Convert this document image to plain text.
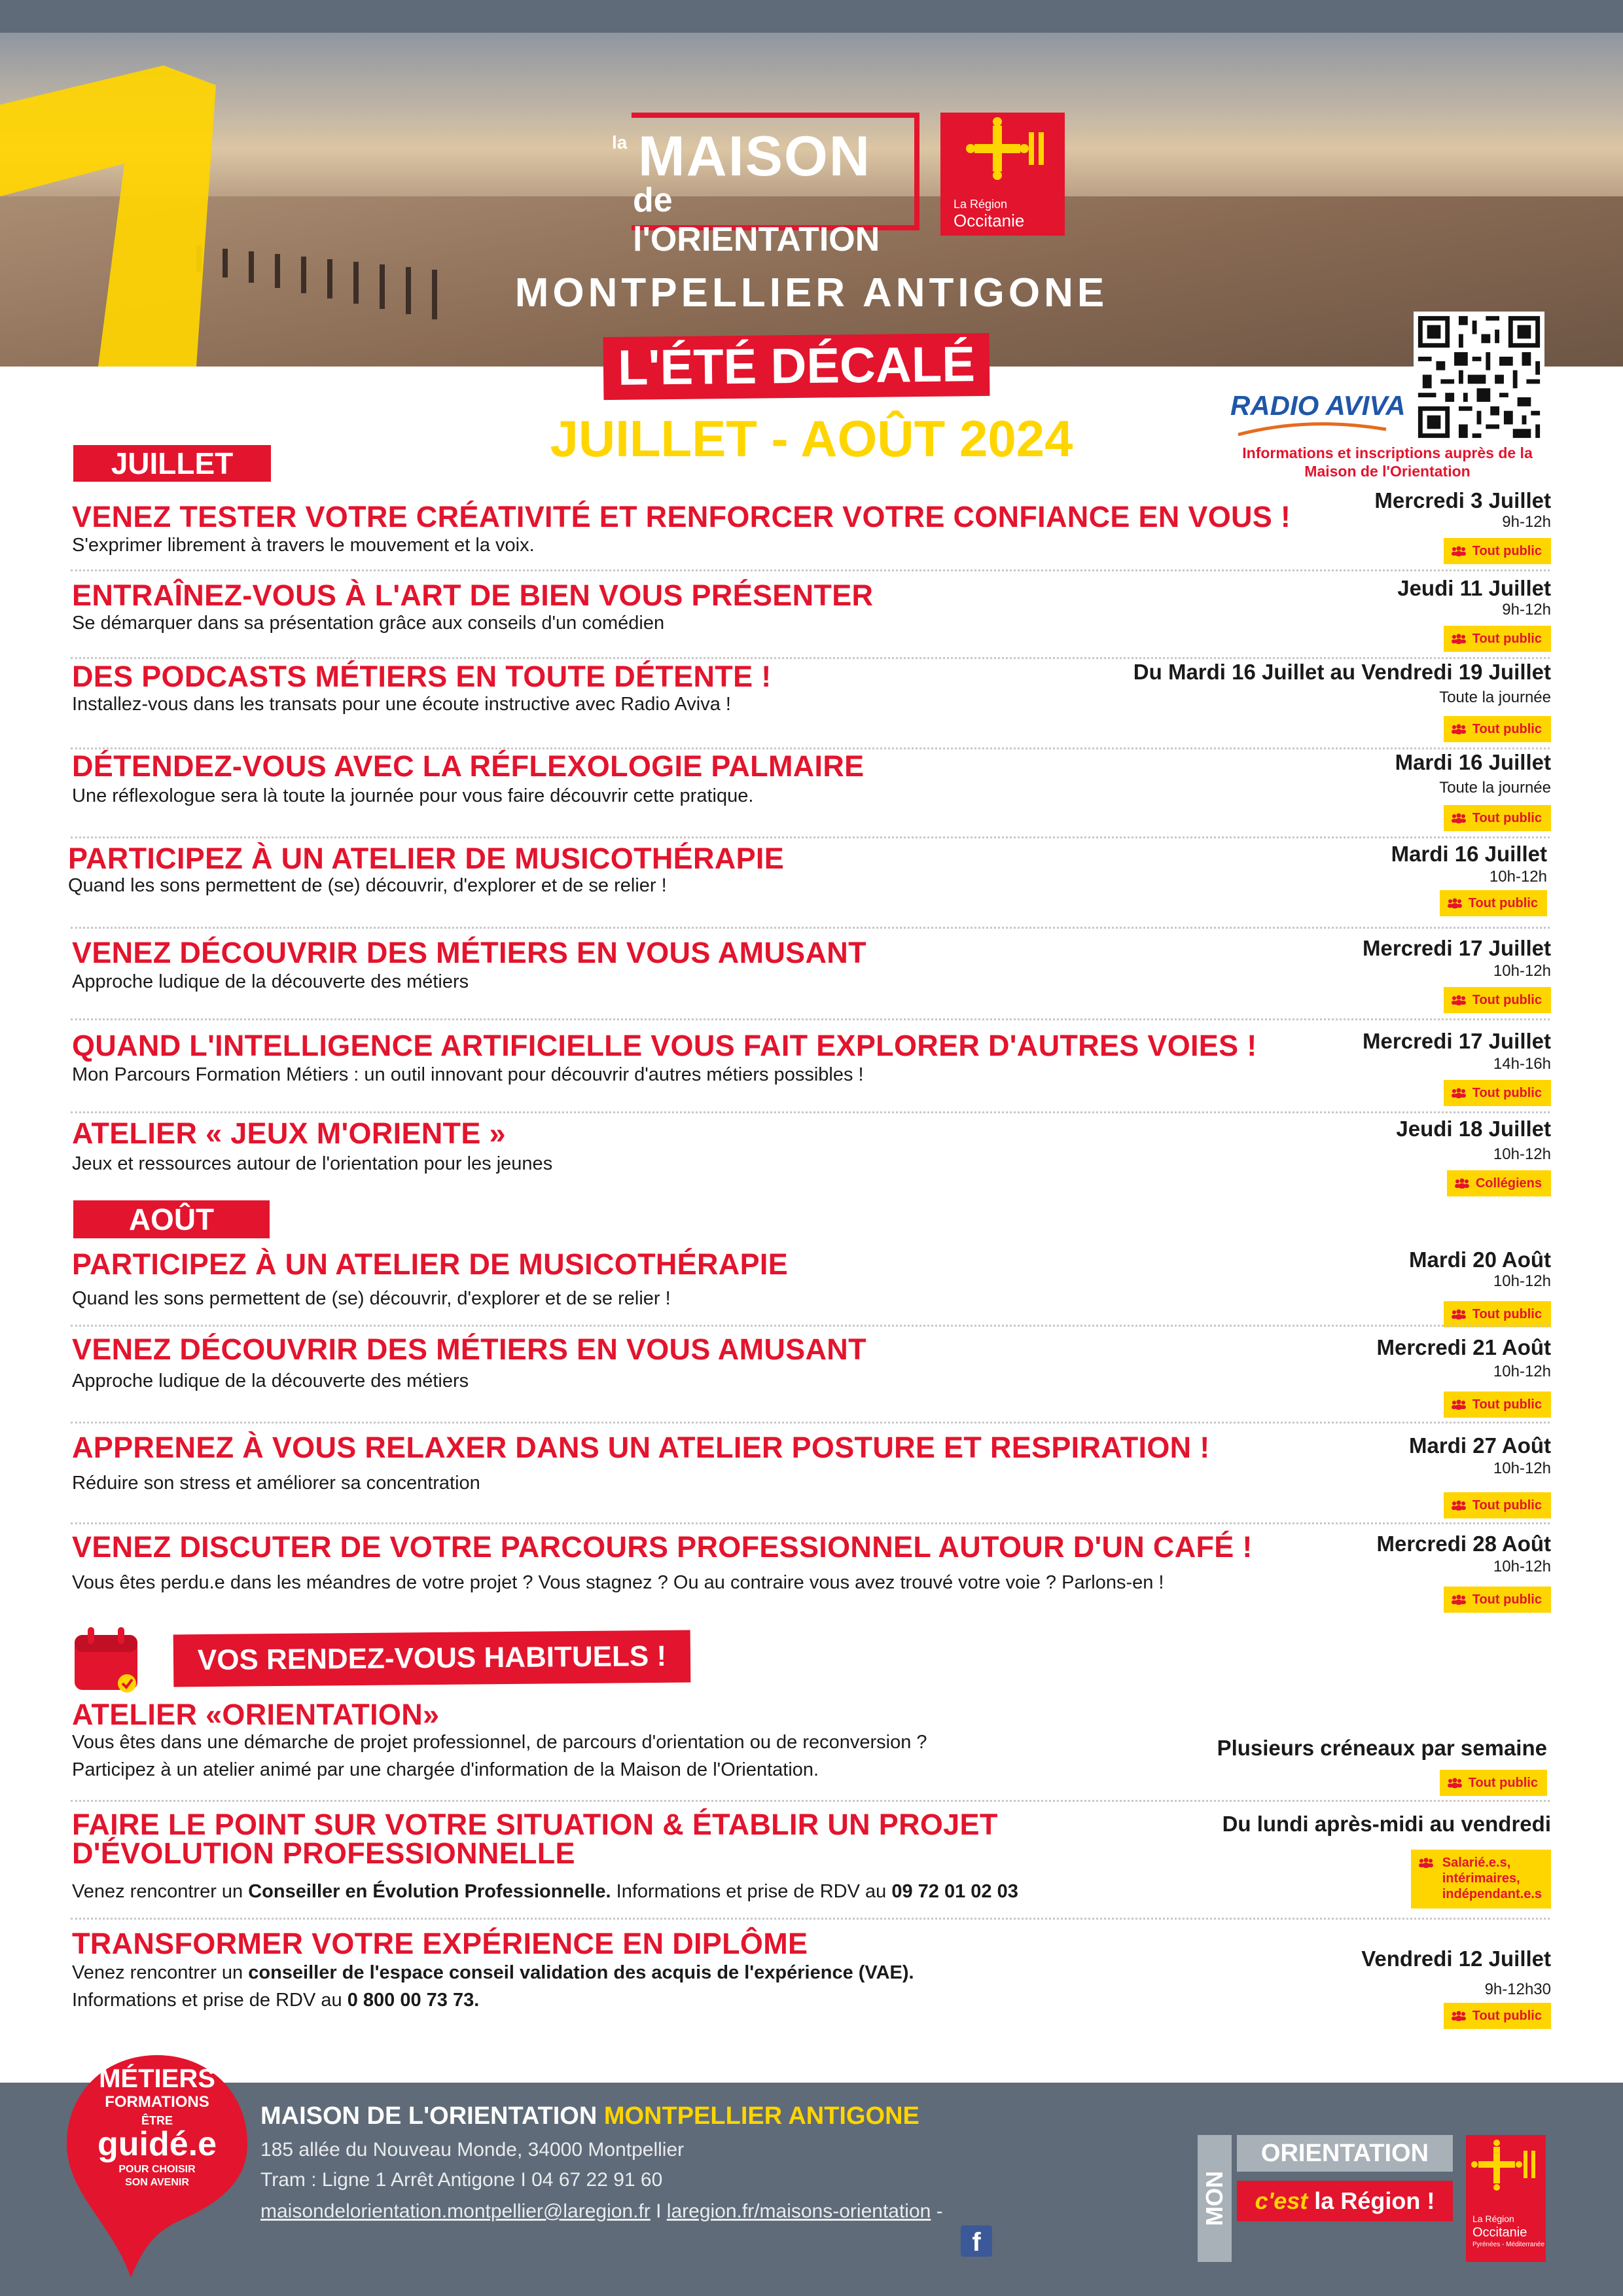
la MAISON
de l'ORIENTATION
La Région
Occitanie
MONTPELLIER ANTIGONE
L'ÉTÉ DÉCALÉ
JUILLET - AOÛT 2024
RADIO AVIVA
Informations et inscriptions auprès de la Maison de l'Orientation
JUILLET
VENEZ TESTER VOTRE CRÉATIVITÉ ET RENFORCER VOTRE CONFIANCE EN VOUS !
S'exprimer librement à travers le mouvement et la voix.
Mercredi 3 Juillet
9h-12h
Tout public
ENTRAÎNEZ-VOUS À L'ART DE BIEN VOUS PRÉSENTER
Se démarquer dans sa présentation grâce aux conseils d'un comédien
Jeudi 11 Juillet
9h-12h
Tout public
DES PODCASTS MÉTIERS EN TOUTE DÉTENTE !
Installez-vous dans les transats pour une écoute instructive avec Radio Aviva !
Du Mardi 16 Juillet au Vendredi 19 Juillet
Toute la journée
Tout public
DÉTENDEZ-VOUS AVEC LA RÉFLEXOLOGIE PALMAIRE
Une réflexologue sera là toute la journée pour vous faire découvrir cette pratique.
Mardi 16 Juillet
Toute la journée
Tout public
PARTICIPEZ À UN ATELIER DE MUSICOTHÉRAPIE
Quand les sons permettent de (se) découvrir, d'explorer et de se relier !
Mardi 16 Juillet
10h-12h
Tout public
VENEZ DÉCOUVRIR DES MÉTIERS EN VOUS AMUSANT
Approche ludique de la découverte des métiers
Mercredi 17 Juillet
10h-12h
Tout public
QUAND L'INTELLIGENCE ARTIFICIELLE VOUS FAIT EXPLORER D'AUTRES VOIES !
Mon Parcours Formation Métiers : un outil innovant pour découvrir d'autres métiers possibles !
Mercredi 17 Juillet
14h-16h
Tout public
ATELIER « JEUX M'ORIENTE »
Jeux et ressources autour de l'orientation pour les jeunes
Jeudi 18 Juillet
10h-12h
Collégiens
AOÛT
PARTICIPEZ À UN ATELIER DE MUSICOTHÉRAPIE
Quand les sons permettent de (se) découvrir, d'explorer et de se relier !
Mardi 20 Août
10h-12h
Tout public
VENEZ DÉCOUVRIR DES MÉTIERS EN VOUS AMUSANT
Approche ludique de la découverte des métiers
Mercredi 21 Août
10h-12h
Tout public
APPRENEZ À VOUS RELAXER DANS UN ATELIER POSTURE ET RESPIRATION !
Réduire son stress et améliorer sa concentration
Mardi 27 Août
10h-12h
Tout public
VENEZ DISCUTER DE VOTRE PARCOURS PROFESSIONNEL AUTOUR D'UN CAFÉ !
Vous êtes perdu.e dans les méandres de votre projet ? Vous stagnez ? Ou au contraire vous avez trouvé votre voie ? Parlons-en !
Mercredi 28 Août
10h-12h
Tout public
VOS RENDEZ-VOUS HABITUELS !
ATELIER «ORIENTATION»
Vous êtes dans une démarche de projet professionnel, de parcours d'orientation ou de reconversion ?
Participez à un atelier animé par une chargée d'information de la Maison de l'Orientation.
Plusieurs créneaux par semaine
Tout public
FAIRE LE POINT SUR VOTRE SITUATION & ÉTABLIR UN PROJET
D'ÉVOLUTION PROFESSIONNELLE
Venez rencontrer un Conseiller en Évolution Professionnelle. Informations et prise de RDV au 09 72 01 02 03
Du lundi après-midi au vendredi
Salarié.e.s,
intérimaires,
indépendant.e.s
TRANSFORMER VOTRE EXPÉRIENCE EN DIPLÔME
Venez rencontrer un conseiller de l'espace conseil validation des acquis de l'expérience (VAE).
Informations et prise de RDV au 0 800 00 73 73.
Vendredi 12 Juillet
9h-12h30
Tout public
MÉTIERS
FORMATIONS
ÊTRE
guidé.e
POUR CHOISIR
SON AVENIR
MAISON DE L'ORIENTATION MONTPELLIER ANTIGONE
185 allée du Nouveau Monde, 34000 Montpellier
Tram : Ligne 1 Arrêt Antigone I 04 67 22 91 60
maisondelorientation.montpellier@laregion.fr I laregion.fr/maisons-orientation -
f
MON
ORIENTATION
c'est la Région !
La Région
Occitanie
Pyrénées - Méditerranée
